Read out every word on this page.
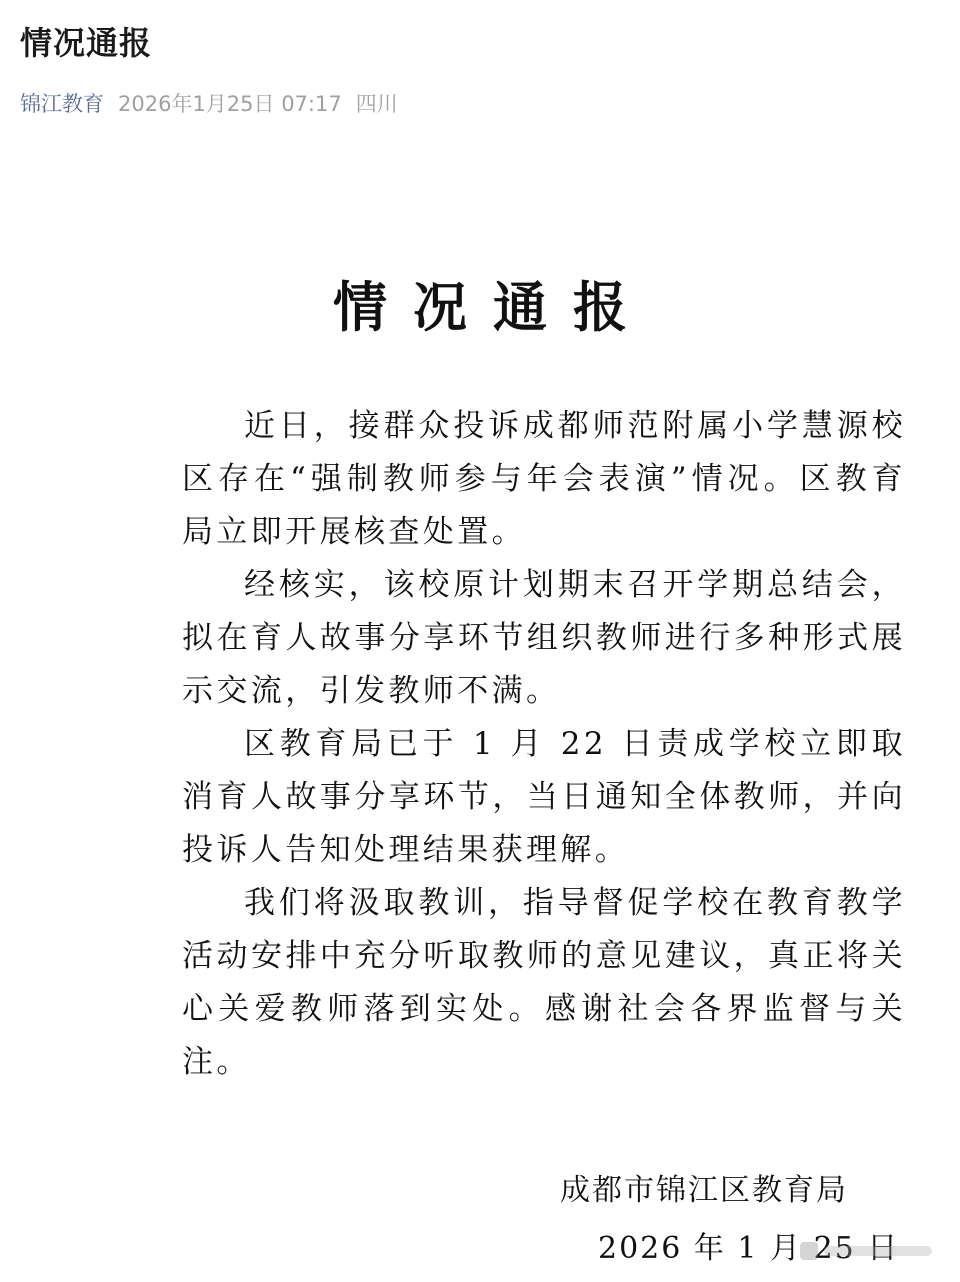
情况通报
锦江教育 2026年1月25日 07:17 四川
情况通报

近日，接群众投诉成都师范附属小学慧源校区存在“强制教师参与年会表演”情况。区教育局立即开展核查处置。

经核实，该校原计划期末召开学期总结会，拟在育人故事分享环节组织教师进行多种形式展示交流，引发教师不满。

区教育局已于 1 月 22 日责成学校立即取消育人故事分享环节，当日通知全体教师，并向投诉人告知处理结果获理解。

我们将汲取教训，指导督促学校在教育教学活动安排中充分听取教师的意见建议，真正将关心关爱教师落到实处。感谢社会各界监督与关注。

成都市锦江区教育局
2026 年 1 月 25 日
